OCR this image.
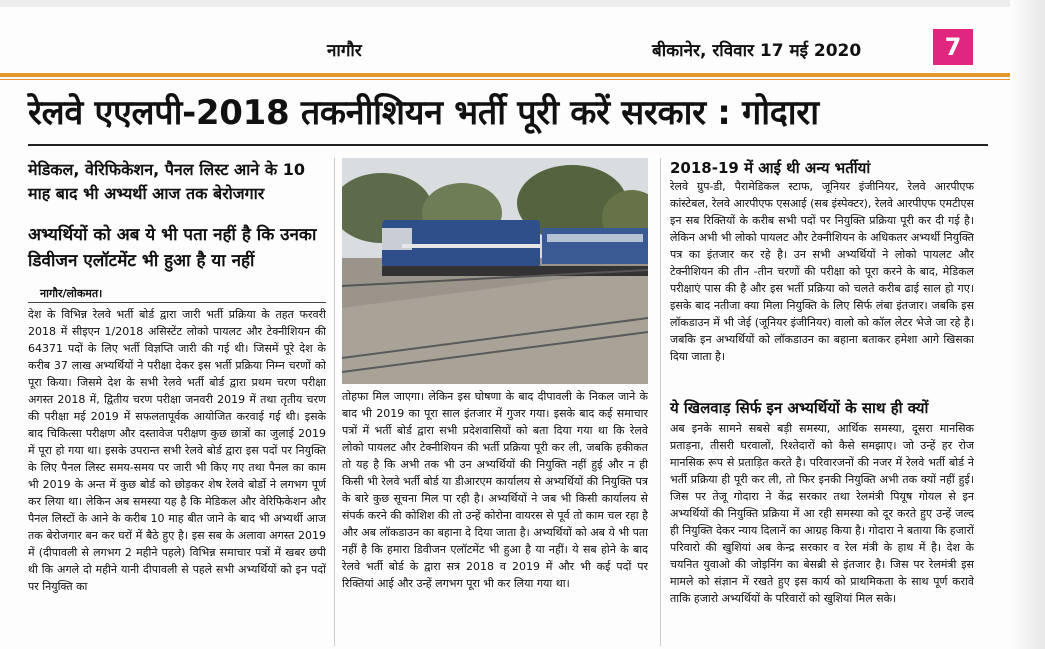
नागौर	बीकानेर, रविवार 17 मई 2020	7
रेलवे एएलपी-2018 तकनीशियन भर्ती पूरी करें सरकार : गोदारा
मेडिकल, वेरिफिकेशन, पैनल लिस्ट आने के 10 माह बाद भी अभ्यर्थी आज तक बेरोजगार
अभ्यर्थियों को अब ये भी पता नहीं है कि उनका डिवीजन एलॉटमेंट भी हुआ है या नहीं
नागौर/लोकमत।
देश के विभिन्न रेलवे भर्ती बोर्ड द्वारा जारी भर्ती प्रक्रिया के तहत फरवरी 2018 में सीइएन 1/2018 असिस्टेंट लोको पायलट और टेक्नीशियन की 64371 पदों के लिए भर्ती विज्ञप्ति जारी की गई थी। जिसमें पूरे देश के करीब 37 लाख अभ्यर्थियों ने परीक्षा देकर इस भर्ती प्रक्रिया निम्न चरणों को पूरा किया। जिसमे देश के सभी रेलवे भर्ती बोर्ड द्वारा प्रथम चरण परीक्षा अगस्त 2018 में, द्वितीय चरण परीक्षा जनवरी 2019 में तथा तृतीय चरण की परीक्षा मई 2019 में सफलतापूर्वक आयोजित करवाई गई थी। इसके बाद चिकित्सा परीक्षण और दस्तावेज परीक्षण कुछ छात्रों का जुलाई 2019 में पूरा हो गया था। इसके उपरान्त सभी रेलवे बोर्ड द्वारा इस पदों पर नियुक्ति के लिए पैनल लिस्ट समय-समय पर जारी भी किए गए तथा पैनल का काम भी 2019 के अन्त में कुछ बोर्ड को छोड़कर शेष रेलवे बोर्डो ने लगभग पूर्ण कर लिया था। लेकिन अब समस्या यह है कि मेडिकल और वेरिफिकेशन और पैनल लिस्टों के आने के करीब 10 माह बीत जाने के बाद भी अभ्यर्थी आज तक बेरोजगार बन कर घरों में बैठे हुए है। इस सब के अलावा अगस्त 2019 में (दीपावली से लगभग 2 महीने पहले) विभिन्न समाचार पत्रों में खबर छपी थी कि अगले दो महीने यानी दीपावली से पहले सभी अभ्यर्थियों को इन पदों पर नियुक्ति का
तोहफा मिल जाएगा। लेकिन इस घोषणा के बाद दीपावली के निकल जाने के बाद भी 2019 का पूरा साल इंतजार में गुजर गया। इसके बाद कई समाचार पत्रों में भर्ती बोर्ड द्वारा सभी प्रदेशवासियों को बता दिया गया था कि रेलवे लोको पायलट और टेक्नीशियन की भर्ती प्रक्रिया पूरी कर ली, जबकि हकीकत तो यह है कि अभी तक भी उन अभ्यर्थियों की नियुक्ति नहीं हुई और न ही किसी भी रेलवे भर्ती बोर्ड या डीआरएम कार्यालय से अभ्यर्थियों की नियुक्ति पत्र के बारे कुछ सूचना मिल पा रही है। अभ्यर्थियों ने जब भी किसी कार्यालय से संपर्क करने की कोशिश की तो उन्हें कोरोना वायरस से पूर्व तो काम चल रहा है और अब लॉकडाउन का बहाना दे दिया जाता है। अभ्यर्थियों को अब ये भी पता नहीं है कि हमारा डिवीजन एलॉटमेंट भी हुआ है या नहीं। ये सब होने के बाद रेलवे भर्ती बोर्ड के द्वारा सत्र 2018 व 2019 में और भी कई पदों पर रिक्तियां आई और उन्हें लगभग पूरा भी कर लिया गया था।
2018-19 में आई थी अन्य भर्तीयां
रेलवे ग्रुप-डी, पैरामेडिकल स्टाफ, जूनियर इंजीनियर, रेलवे आरपीएफ कांस्टेबल, रेलवे आरपीएफ एसआई (सब इंस्पेक्टर), रेलवे आरपीएफ एमटीएस इन सब रिक्तियों के करीब सभी पदों पर नियुक्ति प्रक्रिया पूरी कर दी गई है। लेकिन अभी भी लोको पायलट और टेक्नीशियन के अधिकतर अभ्यर्थी नियुक्ति पत्र का इंतजार कर रहे है। उन सभी अभ्यर्थियों ने लोको पायलट और टेक्नीशियन की तीन -तीन चरणों की परीक्षा को पूरा करने के बाद, मेडिकल परीक्षाएं पास की है और इस भर्ती प्रक्रिया को चलते करीब ढाई साल हो गए। इसके बाद नतीजा क्या मिला नियुक्ति के लिए सिर्फ लंबा इंतजार। जबकि इस लॉकडाउन में भी जेई (जूनियर इंजीनियर) वालो को कॉल लेटर भेजे जा रहे है। जबकि इन अभ्यर्थियों को लॉकडाउन का बहाना बताकर हमेशा आगे खिसका दिया जाता है।
ये खिलवाड़ सिर्फ इन अभ्यर्थियों के साथ ही क्यों
अब इनके सामने सबसे बड़ी समस्या, आर्थिक समस्या, दूसरा मानसिक प्रताड़ना, तीसरी घरवालों, रिश्तेदारों को कैसे समझाए। जो उन्हें हर रोज मानसिक रूप से प्रताड़ित करते है। परिवारजनों की नजर में रेलवे भर्ती बोर्ड ने भर्ती प्रक्रिया ही पूरी कर ली, तो फिर इनकी नियुक्ति अभी तक क्यों नहीं हुई। जिस पर तेजू गोदारा ने केंद्र सरकार तथा रेलमंत्री पियूष गोयल से इन अभ्यर्थियों की नियुक्ति प्रक्रिया में आ रही समस्या को दूर करते हुए उन्हें जल्द ही नियुक्ति देकर न्याय दिलानें का आग्रह किया है। गोदारा ने बताया कि हजारों परिवारो की खुशियां अब केन्द्र सरकार व रेल मंत्री के हाथ में है। देश के चयनित युवाओ की जोइनिंग का बेसब्री से इंतजार है। जिस पर रेलमंत्री इस मामले को संज्ञान में रखते हुए इस कार्य को प्राथमिकता के साथ पूर्ण करावे ताकि हजारो अभ्यर्थियों के परिवारों को खुशियां मिल सके।
